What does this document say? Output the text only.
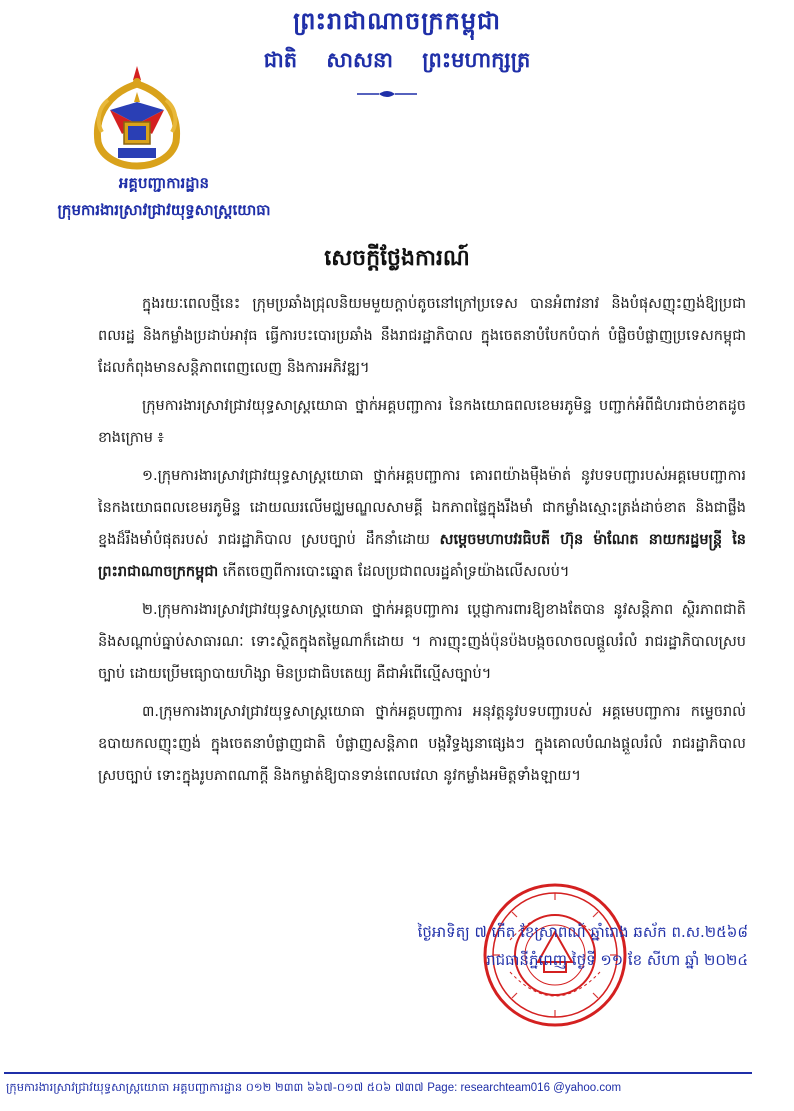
ព្រះរាជាណាចក្រកម្ពុជា
ជាតិ សាសនា ព្រះមហាក្សត្រ
អគ្គបញ្ជាការដ្ឋាន
ក្រុមការងារស្រាវជ្រាវយុទ្ធសាស្ត្រយោធា
សេចក្តីថ្លែងការណ៍

ក្នុងរយៈពេលថ្មីនេះ ក្រុមប្រឆាំងជ្រុលនិយមមួយក្តាប់តូចនៅក្រៅប្រទេស បានអំពាវនាវ និងបំផុសញុះញង់ឱ្យប្រជាពលរដ្ឋ និងកម្លាំងប្រដាប់អាវុធ ធ្វើការបះបោរប្រឆាំង នឹងរាជរដ្ឋាភិបាល ក្នុងចេតនាបំបែកបំបាក់ បំផ្លិចបំផ្លាញប្រទេសកម្ពុជា ដែលកំពុងមានសន្តិភាពពេញលេញ និងការអភិវឌ្ឍ។

ក្រុមការងារស្រាវជ្រាវយុទ្ធសាស្ត្រយោធា ថ្នាក់អគ្គបញ្ជាការ នៃកងយោធពលខេមរភូមិន្ទ បញ្ជាក់អំពីជំហរជាច់ខាតដូចខាងក្រោម ៖

១.ក្រុមការងារស្រាវជ្រាវយុទ្ធសាស្ត្រយោធា ថ្នាក់អគ្គបញ្ជាការ គោរពយ៉ាងម៉ឺងម៉ាត់ នូវបទបញ្ជារបស់អគ្គមេបញ្ជាការ នៃកងយោធពលខេមរភូមិន្ទ ដោយឈរលើមជ្ឈមណ្ឌលសាមគ្គី ឯកភាពផ្ទៃក្នុងរឹងមាំ ជាកម្លាំងស្មោះត្រង់ដាច់ខាត និងជាផ្លឹងខ្នងដ៏រឹងមាំបំផុតរបស់ រាជរដ្ឋាភិបាល ស្របច្បាប់ ដឹកនាំដោយ សម្តេចមហាបវរធិបតី ហ៊ុន ម៉ាណែត នាយករដ្ឋមន្ត្រី នៃព្រះរាជាណាចក្រកម្ពុជា កើតចេញពីការបោះឆ្នោត ដែលប្រជាពលរដ្ឋគាំទ្រយ៉ាងលើសលប់។

២.ក្រុមការងារស្រាវជ្រាវយុទ្ធសាស្ត្រយោធា ថ្នាក់អគ្គបញ្ជាការ ប្តេជ្ញាការពារឱ្យខាងតែបាន នូវសន្តិភាព ស្ថិរភាពជាតិ និងសណ្តាប់ធ្នាប់សាធារណៈ ទោះស្ថិតក្នុងតម្លៃណាក៏ដោយ ។ ការញុះញង់ប៉ុនប៉ងបង្កចលាចលផ្តួលរំលំ រាជរដ្ឋាភិបាលស្របច្បាប់ ដោយប្រើមធ្យោបាយហិង្សា មិនប្រជាធិបតេយ្យ គឺជាអំពើល្មើសច្បាប់។

៣.ក្រុមការងារស្រាវជ្រាវយុទ្ធសាស្ត្រយោធា ថ្នាក់អគ្គបញ្ជាការ អនុវត្តនូវបទបញ្ជារបស់ អគ្គមេបញ្ជាការ កម្ទេចរាល់ឧបាយកលញុះញង់ ក្នុងចេតនាបំផ្លាញជាតិ បំផ្លាញសន្តិភាព បង្កវិទ្ធង្សនាផ្សេងៗ ក្នុងគោលបំណងផ្តួលរំលំ រាជរដ្ឋាភិបាលស្របច្បាប់ ទោះក្នុងរូបភាពណាក្តី និងកម្ចាត់ឱ្យបានទាន់ពេលវេលា នូវកម្លាំងអមិត្តទាំងឡាយ។

ថ្ងៃអាទិត្យ ៧ កើត ខែស្រាពណ៍ ឆ្នាំរោង ឆស័ក ព.ស.២៥៦៨
រាជធានីភ្នំពេញ ថ្ងៃទី ១១ ខែ សីហា ឆ្នាំ ២០២៤
ក្រុមការងារស្រាវជ្រាវយុទ្ធសាស្ត្រយោធា អគ្គបញ្ជាការដ្ឋាន ០១២ ២៣៣ ៦៦៧-០១៧ ៥០៦ ៧៣៧ Page: researchteam016 @yahoo.com
